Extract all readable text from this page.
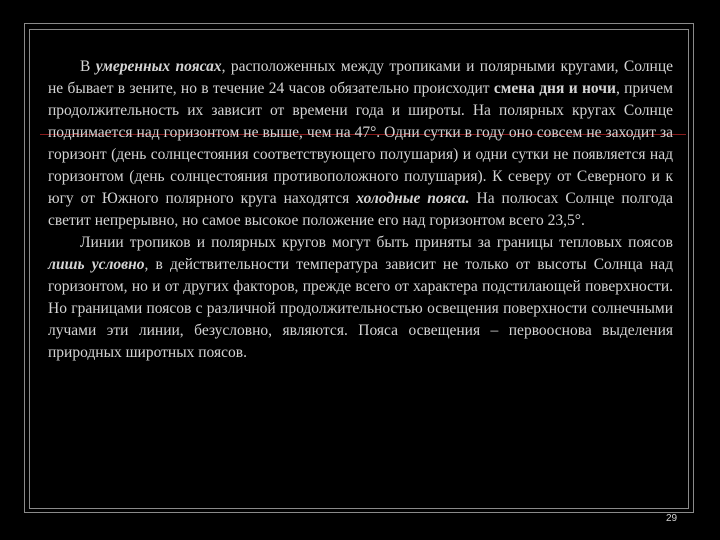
В умеренных поясах, расположенных между тропиками и полярными кругами, Солнце не бывает в зените, но в течение 24 часов обязательно происходит смена дня и ночи, причем продолжительность их зависит от времени года и широты. На полярных кругах Солнце поднимается над горизонтом не выше, чем на 47°. Одни сутки в году оно совсем не заходит за горизонт (день солнцестояния соответствующего полушария) и одни сутки не появляется над горизонтом (день солнцестояния противоположного полушария). К северу от Северного и к югу от Южного полярного круга находятся холодные пояса. На полюсах Солнце полгода светит непрерывно, но самое высокое положение его над горизонтом всего 23,5°.

Линии тропиков и полярных кругов могут быть приняты за границы тепловых поясов лишь условно, в действительности температура зависит не только от высоты Солнца над горизонтом, но и от других факторов, прежде всего от характера подстилающей поверхности. Но границами поясов с различной продолжительностью освещения поверхности солнечными лучами эти линии, безусловно, являются. Пояса освещения – первооснова выделения природных широтных поясов.

29
